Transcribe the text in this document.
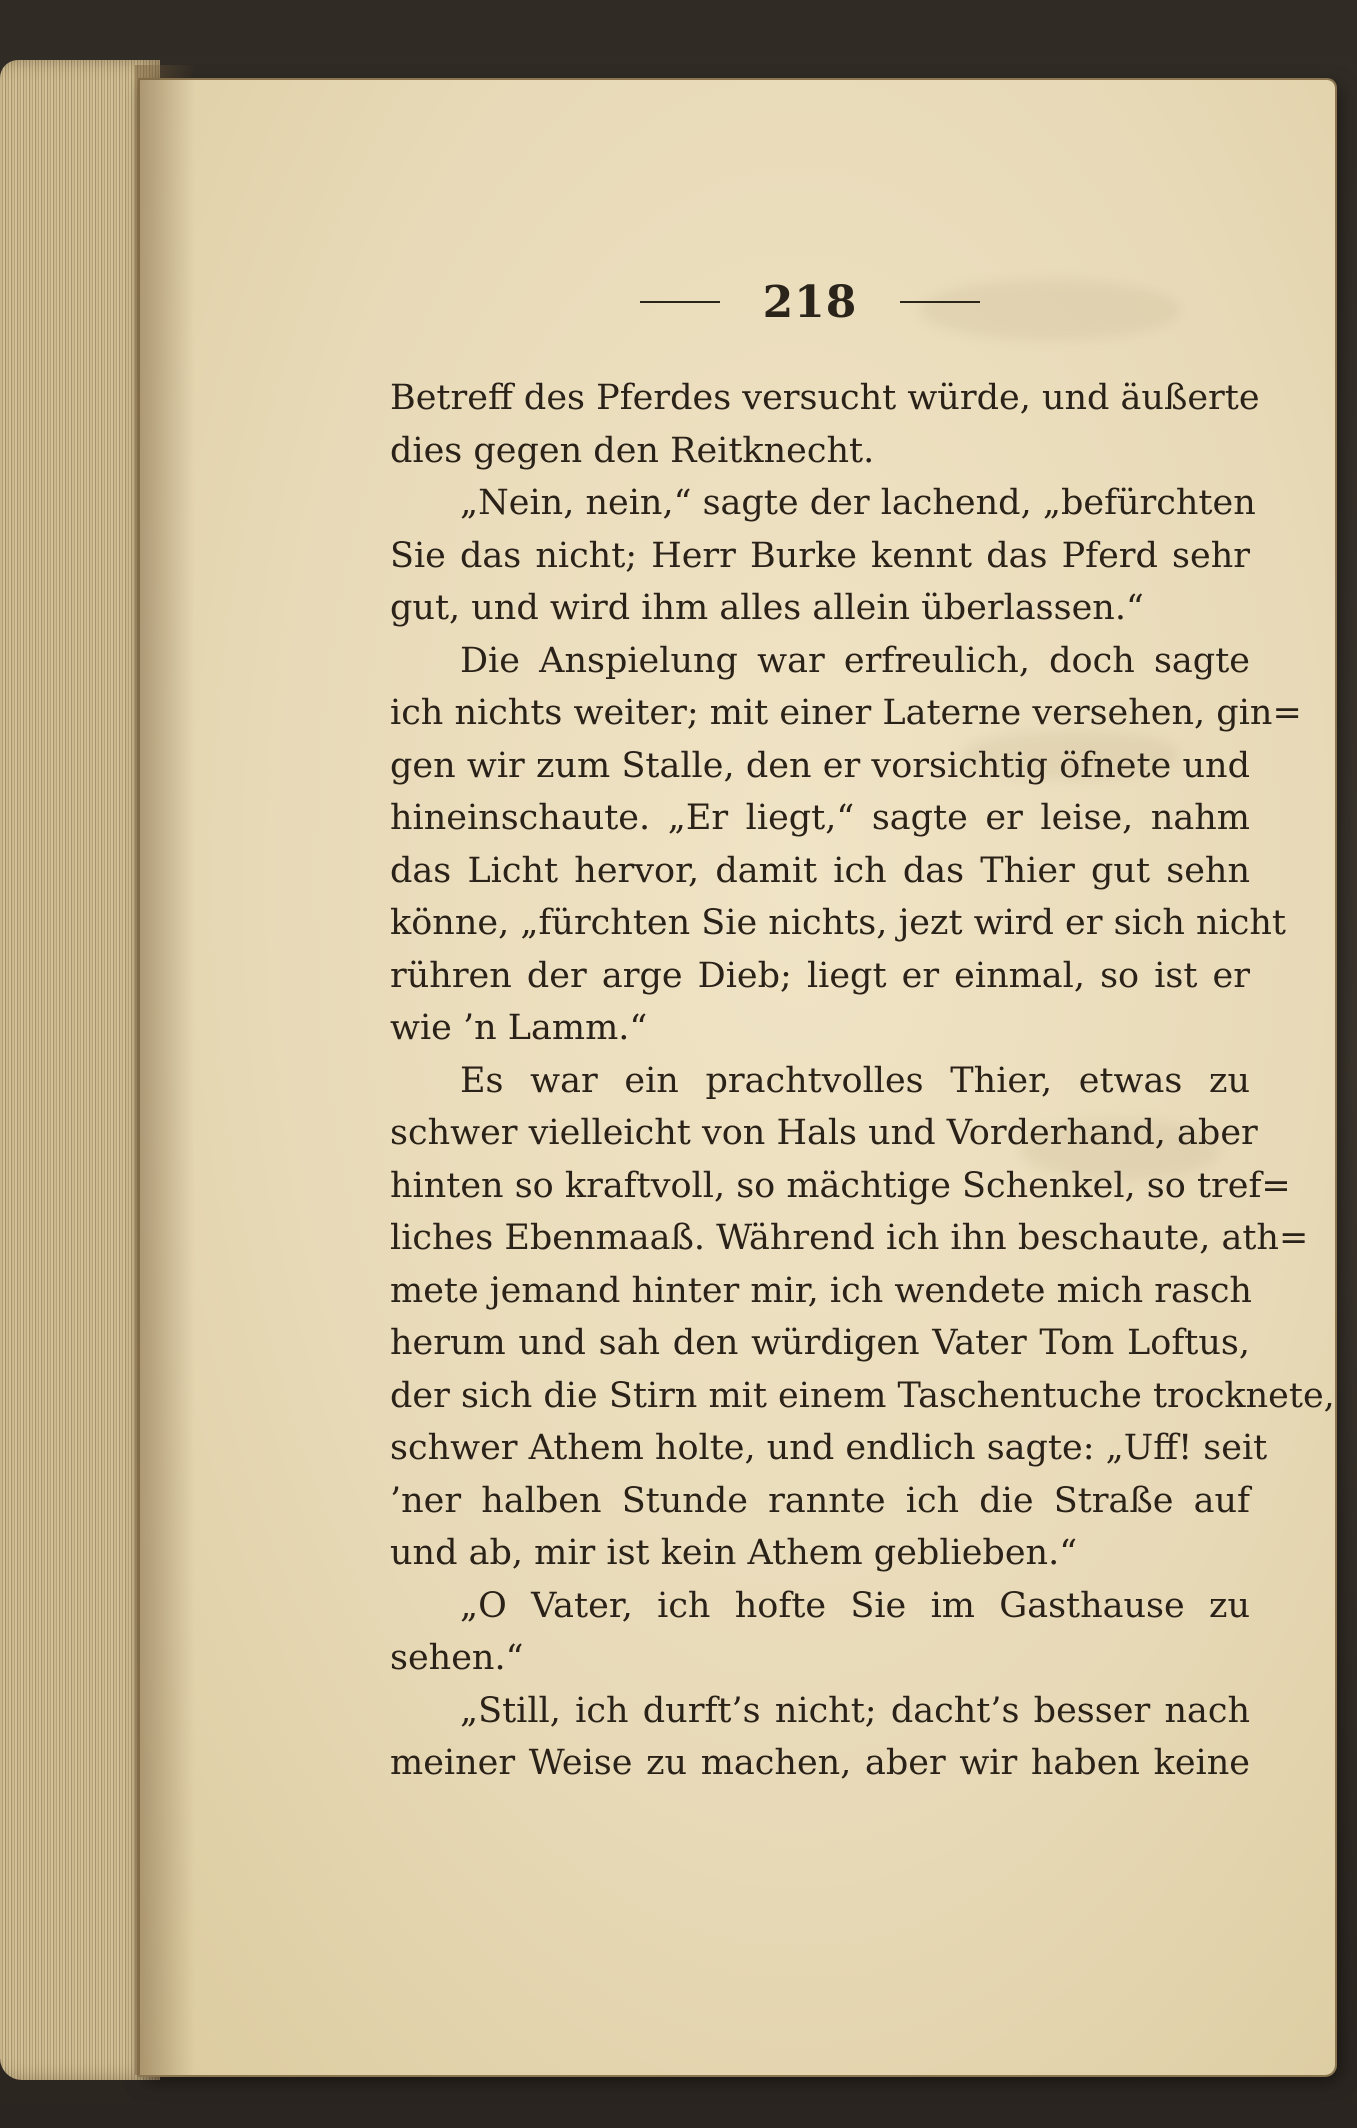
218
Betreff des Pferdes versucht würde, und äußerte
dies gegen den Reitknecht.
„Nein, nein,“ sagte der lachend, „befürchten
Sie das nicht; Herr Burke kennt das Pferd sehr
gut, und wird ihm alles allein überlassen.“
Die Anspielung war erfreulich, doch sagte
ich nichts weiter; mit einer Laterne versehen, gin=
gen wir zum Stalle, den er vorsichtig öfnete und
hineinschaute. „Er liegt,“ sagte er leise, nahm
das Licht hervor, damit ich das Thier gut sehn
könne, „fürchten Sie nichts, jezt wird er sich nicht
rühren der arge Dieb; liegt er einmal, so ist er
wie ’n Lamm.“
Es war ein prachtvolles Thier, etwas zu
schwer vielleicht von Hals und Vorderhand, aber
hinten so kraftvoll, so mächtige Schenkel, so tref=
liches Ebenmaaß. Während ich ihn beschaute, ath=
mete jemand hinter mir, ich wendete mich rasch
herum und sah den würdigen Vater Tom Loftus,
der sich die Stirn mit einem Taschentuche trocknete,
schwer Athem holte, und endlich sagte: „Uff! seit
’ner halben Stunde rannte ich die Straße auf
und ab, mir ist kein Athem geblieben.“
„O Vater, ich hofte Sie im Gasthause zu
sehen.“
„Still, ich durft’s nicht; dacht’s besser nach
meiner Weise zu machen, aber wir haben keine
